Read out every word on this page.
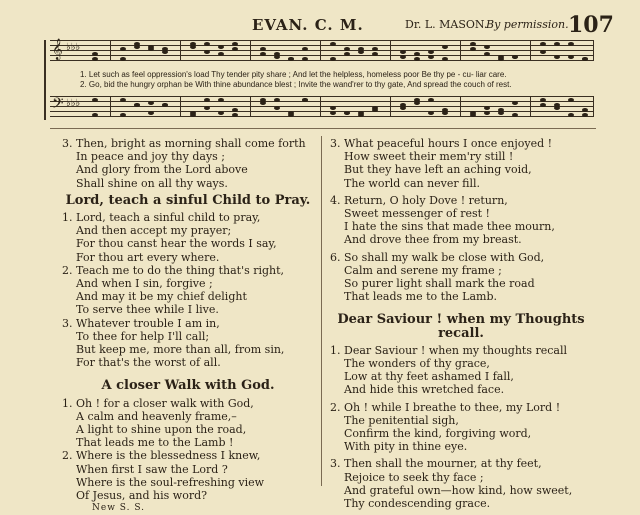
EVAN. C. M.	Dr. L. MASON.
By permission. 107
𝄞 ♭♭♭
1. Let such as feel oppression's load Thy tender pity share ; And let the helpless, homeless poor Be thy pe - cu- liar care.
2. Go, bid the hungry orphan be With thine abundance blest ; Invite the wand'rer to thy gate, And spread the couch of rest.
𝄢 ♭♭♭
3. Then, bright as morning shall come forth
In peace and joy thy days ;
And glory from the Lord above
Shall shine on all thy ways.
Lord, teach a sinful Child to Pray.
1. Lord, teach a sinful child to pray,
And then accept my prayer;
For thou canst hear the words I say,
For thou art every where.
2. Teach me to do the thing that's right,
And when I sin, forgive ;
And may it be my chief delight
To serve thee while I live.
3. Whatever trouble I am in,
To thee for help I'll call;
But keep me, more than all, from sin,
For that's the worst of all.
A closer Walk with God.
1. Oh ! for a closer walk with God,
A calm and heavenly frame,–
A light to shine upon the road,
That leads me to the Lamb !
2. Where is the blessedness I knew,
When first I saw the Lord ?
Where is the soul-refreshing view
Of Jesus, and his word?
New S. S.
3. What peaceful hours I once enjoyed !
How sweet their mem'ry still !
But they have left an aching void,
The world can never fill.
4. Return, O holy Dove ! return,
Sweet messenger of rest !
I hate the sins that made thee mourn,
And drove thee from my breast.
6. So shall my walk be close with God,
Calm and serene my frame ;
So purer light shall mark the road
That leads me to the Lamb.
Dear Saviour ! when my Thoughts recall.
1. Dear Saviour ! when my thoughts recall
The wonders of thy grace,
Low at thy feet ashamed I fall,
And hide this wretched face.
2. Oh ! while I breathe to thee, my Lord !
The penitential sigh,
Confirm the kind, forgiving word,
With pity in thine eye.
3. Then shall the mourner, at thy feet,
Rejoice to seek thy face ;
And grateful own—how kind, how sweet,
Thy condescending grace.
